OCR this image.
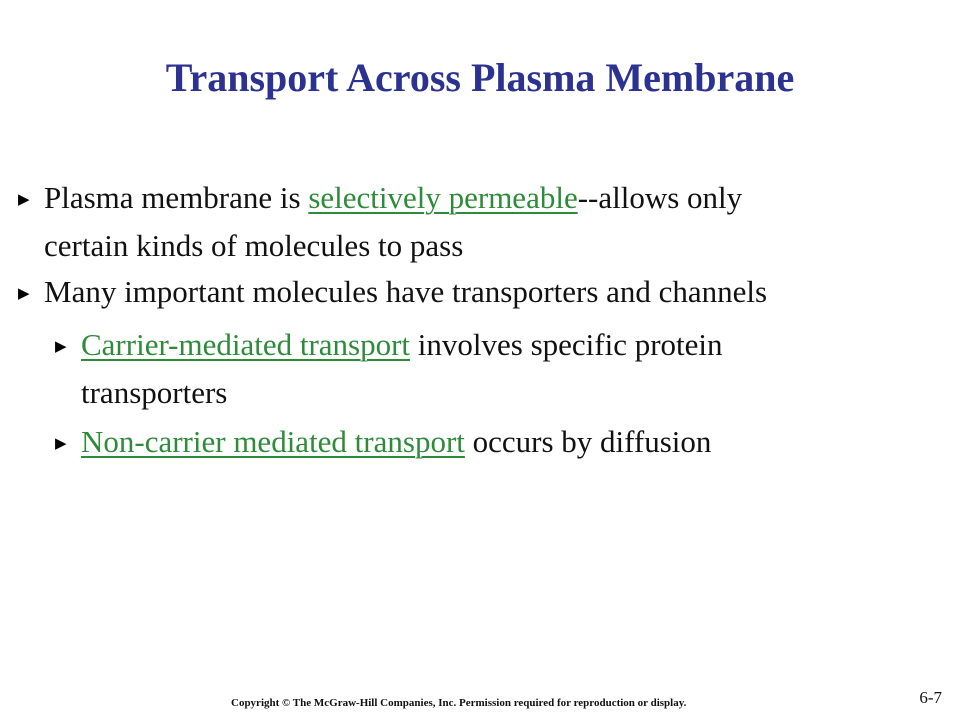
Transport Across Plasma Membrane
▶ Plasma membrane is selectively permeable--allows only
certain kinds of molecules to pass
▶ Many important molecules have transporters and channels
▶ Carrier-mediated transport involves specific protein
transporters
▶ Non-carrier mediated transport occurs by diffusion
Copyright © The McGraw-Hill Companies, Inc. Permission required for reproduction or display.	6-7
